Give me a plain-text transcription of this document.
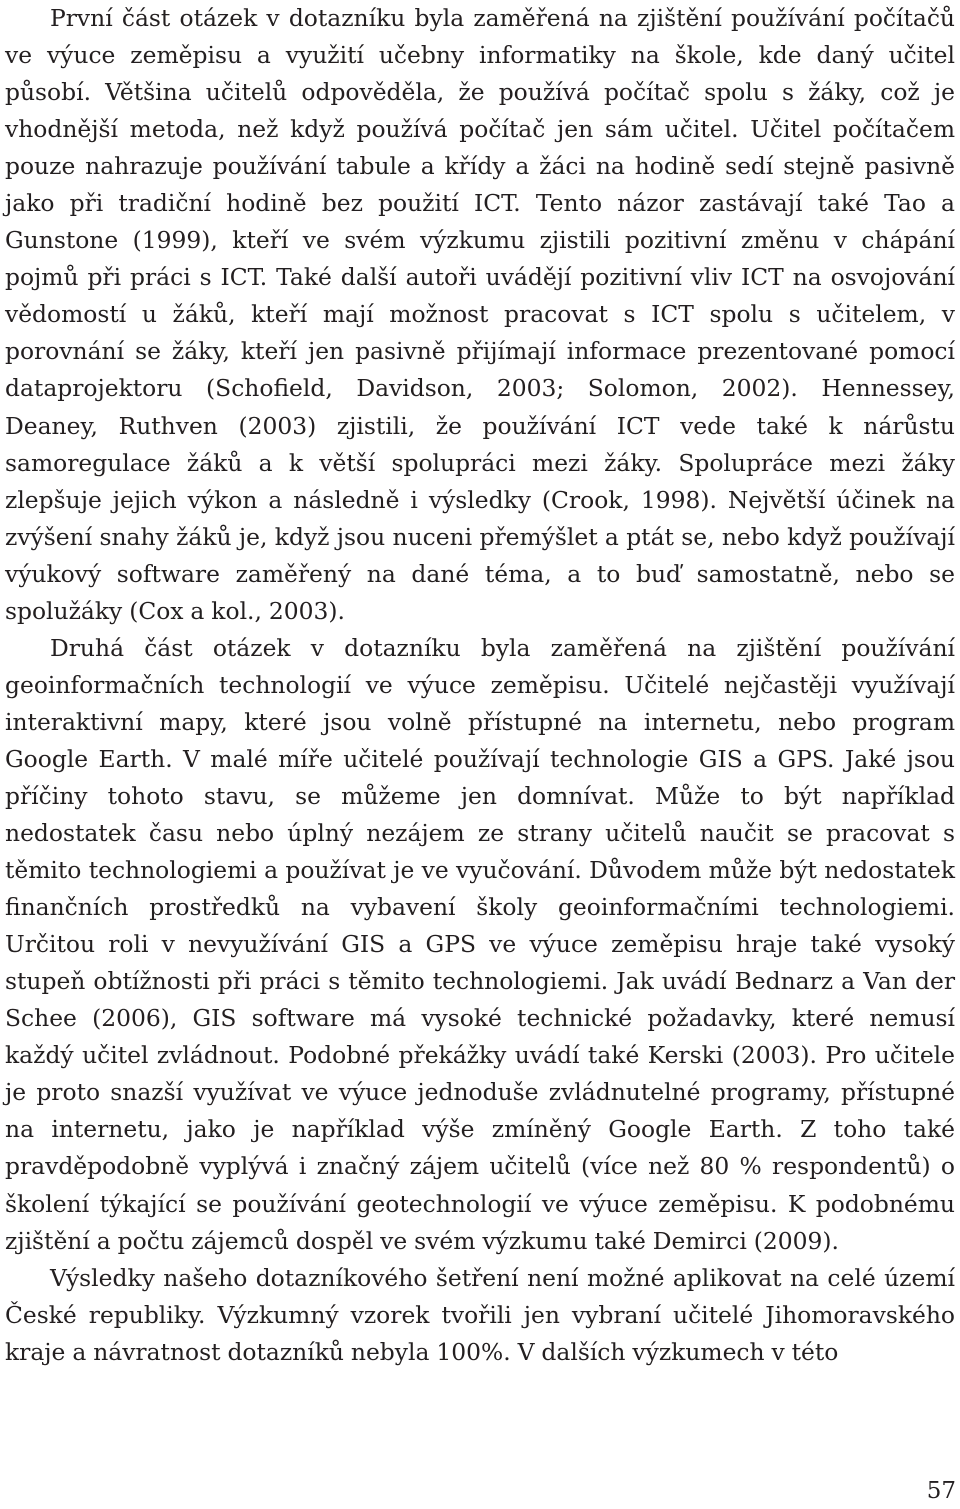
První část otázek v dotazníku byla zaměřená na zjištění používání počítačů ve výuce zeměpisu a využití učebny informatiky na škole, kde daný učitel působí. Většina učitelů odpověděla, že používá počítač spolu s žáky, což je vhodnější metoda, než když používá počítač jen sám učitel. Učitel počítačem pouze nahrazuje používání tabule a křídy a žáci na hodině sedí stejně pasivně jako při tradiční hodině bez použití ICT. Tento názor zastávají také Tao a Gunstone (1999), kteří ve svém výzkumu zjistili pozitivní změnu v chápání pojmů při práci s ICT. Také další autoři uvádějí pozitivní vliv ICT na osvojování vědomostí u žáků, kteří mají možnost pracovat s ICT spolu s učitelem, v porovnání se žáky, kteří jen pasivně přijímají informace prezentované pomocí dataprojektoru (Schofield, Davidson, 2003; Solomon, 2002). Hennessey, Deaney, Ruthven (2003) zjistili, že používání ICT vede také k nárůstu samoregulace žáků a k větší spolupráci mezi žáky. Spolupráce mezi žáky zlepšuje jejich výkon a následně i výsledky (Crook, 1998). Největší účinek na zvýšení snahy žáků je, když jsou nuceni přemýšlet a ptát se, nebo když používají výukový software zaměřený na dané téma, a to buď samostatně, nebo se spolužáky (Cox a kol., 2003).

Druhá část otázek v dotazníku byla zaměřená na zjištění používání geoinformačních technologií ve výuce zeměpisu. Učitelé nejčastěji využívají interaktivní mapy, které jsou volně přístupné na internetu, nebo program Google Earth. V malé míře učitelé používají technologie GIS a GPS. Jaké jsou příčiny tohoto stavu, se můžeme jen domnívat. Může to být například nedostatek času nebo úplný nezájem ze strany učitelů naučit se pracovat s těmito technologiemi a používat je ve vyučování. Důvodem může být nedostatek finančních prostředků na vybavení školy geoinformačními technologiemi. Určitou roli v nevyužívání GIS a GPS ve výuce zeměpisu hraje také vysoký stupeň obtížnosti při práci s těmito technologiemi. Jak uvádí Bednarz a Van der Schee (2006), GIS software má vysoké technické požadavky, které nemusí každý učitel zvládnout. Podobné překážky uvádí také Kerski (2003). Pro učitele je proto snazší využívat ve výuce jednoduše zvládnutelné programy, přístupné na internetu, jako je například výše zmíněný Google Earth. Z toho také pravděpodobně vyplývá i značný zájem učitelů (více než 80 % respondentů) o školení týkající se používání geotechnologií ve výuce zeměpisu. K podobnému zjištění a počtu zájemců dospěl ve svém výzkumu také Demirci (2009).

Výsledky našeho dotazníkového šetření není možné aplikovat na celé území České republiky. Výzkumný vzorek tvořili jen vybraní učitelé Jihomoravského kraje a návratnost dotazníků nebyla 100%. V dalších výzkumech v této

57
